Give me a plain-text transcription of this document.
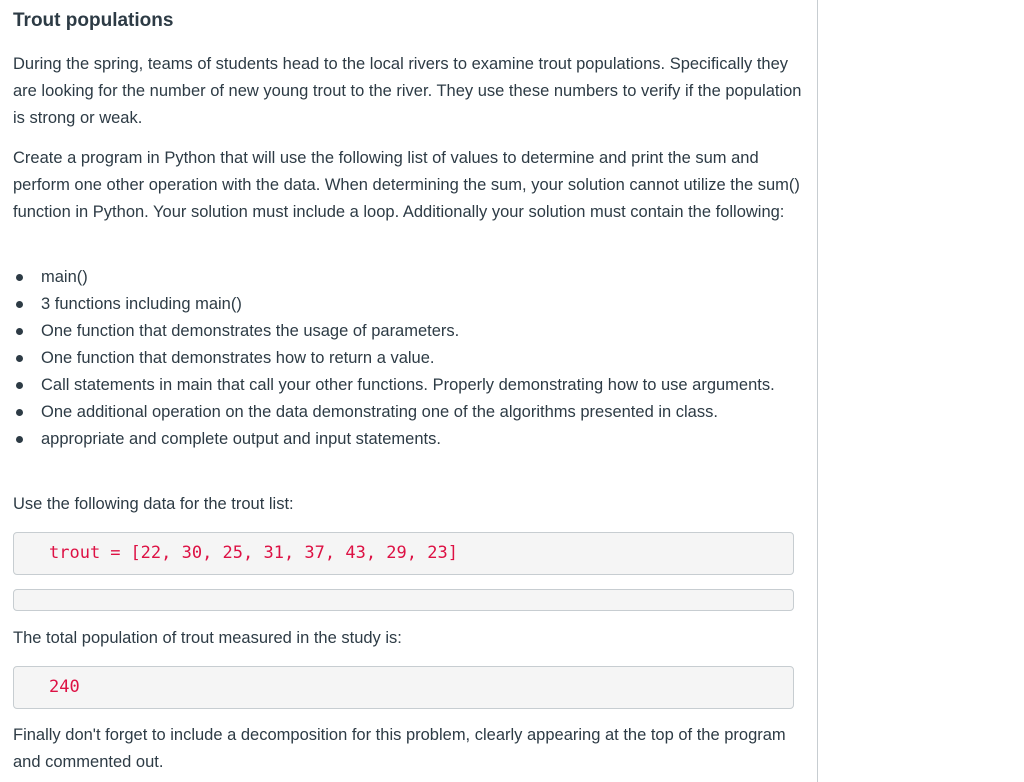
Trout populations

During the spring, teams of students head to the local rivers to examine trout populations. Specifically they are looking for the number of new young trout to the river. They use these numbers to verify if the population is strong or weak.

Create a program in Python that will use the following list of values to determine and print the sum and perform one other operation with the data. When determining the sum, your solution cannot utilize the sum() function in Python. Your solution must include a loop. Additionally your solution must contain the following:

main()
3 functions including main()
One function that demonstrates the usage of parameters.
One function that demonstrates how to return a value.
Call statements in main that call your other functions. Properly demonstrating how to use arguments.
One additional operation on the data demonstrating one of the algorithms presented in class.
appropriate and complete output and input statements.

Use the following data for the trout list:

trout = [22, 30, 25, 31, 37, 43, 29, 23]

The total population of trout measured in the study is:

240

Finally don't forget to include a decomposition for this problem, clearly appearing at the top of the program and commented out.
